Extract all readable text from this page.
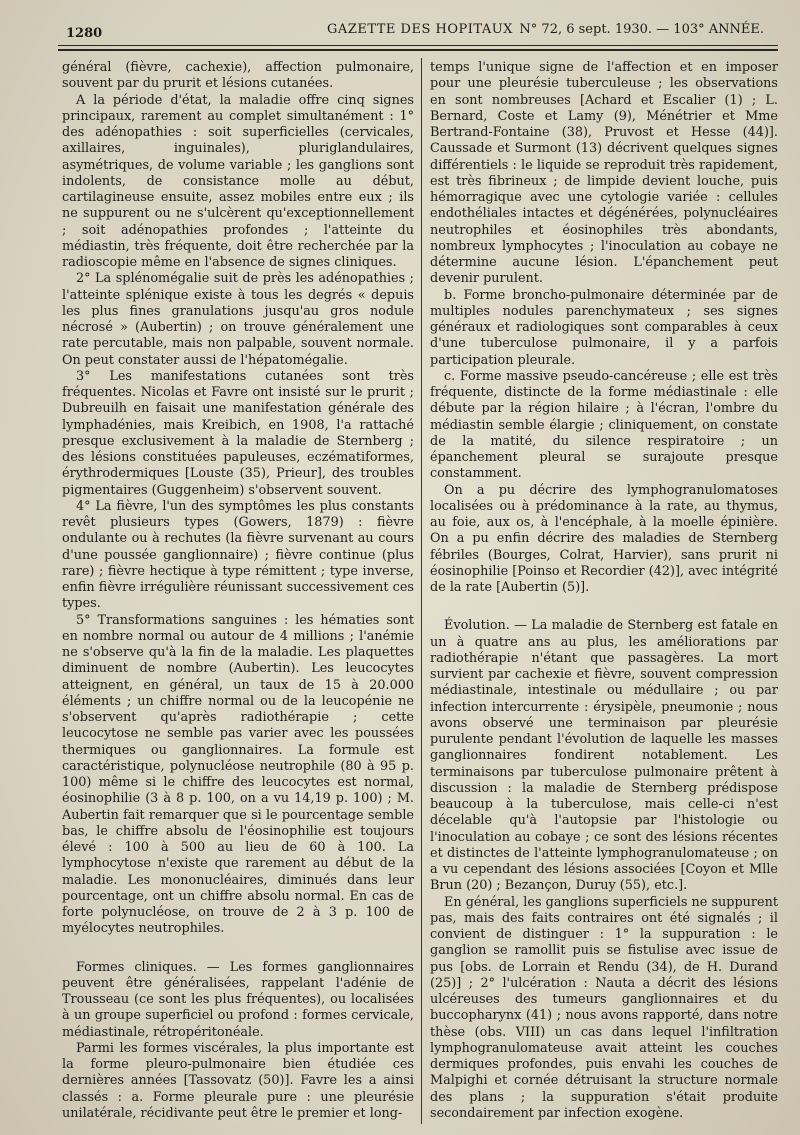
1280	GAZETTE DES HOPITAUX N° 72, 6 sept. 1930. — 103° ANNÉE.

général (fièvre, cachexie), affection pulmonaire, souvent par du prurit et lésions cutanées.

A la période d'état, la maladie offre cinq signes principaux, rarement au complet simultanément : 1° des adénopathies : soit superficielles (cervicales, axillaires, inguinales), pluriglandulaires, asymétriques, de volume variable ; les ganglions sont indolents, de consistance molle au début, cartilagineuse ensuite, assez mobiles entre eux ; ils ne suppurent ou ne s'ulcèrent qu'exceptionnellement ; soit adénopathies profondes ; l'atteinte du médiastin, très fréquente, doit être recherchée par la radioscopie même en l'absence de signes cliniques.

2° La splénomégalie suit de près les adénopathies ; l'atteinte splénique existe à tous les degrés « depuis les plus fines granulations jusqu'au gros nodule nécrosé » (Aubertin) ; on trouve généralement une rate percutable, mais non palpable, souvent normale. On peut constater aussi de l'hépatomégalie.

3° Les manifestations cutanées sont très fréquentes. Nicolas et Favre ont insisté sur le prurit ; Dubreuilh en faisait une manifestation générale des lymphadénies, mais Kreibich, en 1908, l'a rattaché presque exclusivement à la maladie de Sternberg ; des lésions constituées papuleuses, eczématiformes, érythrodermiques [Louste (35), Prieur], des troubles pigmentaires (Guggenheim) s'observent souvent.

4° La fièvre, l'un des symptômes les plus constants revêt plusieurs types (Gowers, 1879) : fièvre ondulante ou à rechutes (la fièvre survenant au cours d'une poussée ganglionnaire) ; fièvre continue (plus rare) ; fièvre hectique à type rémittent ; type inverse, enfin fièvre irrégulière réunissant successivement ces types.

5° Transformations sanguines : les hématies sont en nombre normal ou autour de 4 millions ; l'anémie ne s'observe qu'à la fin de la maladie. Les plaquettes diminuent de nombre (Aubertin). Les leucocytes atteignent, en général, un taux de 15 à 20.000 éléments ; un chiffre normal ou de la leucopénie ne s'observent qu'après radiothérapie ; cette leucocytose ne semble pas varier avec les poussées thermiques ou ganglionnaires. La formule est caractéristique, polynucléose neutrophile (80 à 95 p. 100) même si le chiffre des leucocytes est normal, éosinophilie (3 à 8 p. 100, on a vu 14,19 p. 100) ; M. Aubertin fait remarquer que si le pourcentage semble bas, le chiffre absolu de l'éosinophilie est toujours élevé : 100 à 500 au lieu de 60 à 100. La lymphocytose n'existe que rarement au début de la maladie. Les mononucléaires, diminués dans leur pourcentage, ont un chiffre absolu normal. En cas de forte polynucléose, on trouve de 2 à 3 p. 100 de myélocytes neutrophiles.

Formes cliniques. — Les formes ganglionnaires peuvent être généralisées, rappelant l'adénie de Trousseau (ce sont les plus fréquentes), ou localisées à un groupe superficiel ou profond : formes cervicale, médiastinale, rétropéritonéale.

Parmi les formes viscérales, la plus importante est la forme pleuro-pulmonaire bien étudiée ces dernières années [Tassovatz (50)]. Favre les a ainsi classés : a. Forme pleurale pure : une pleurésie unilatérale, récidivante peut être le premier et long-

temps l'unique signe de l'affection et en imposer pour une pleurésie tuberculeuse ; les observations en sont nombreuses [Achard et Escalier (1) ; L. Bernard, Coste et Lamy (9), Ménétrier et Mme Bertrand-Fontaine (38), Pruvost et Hesse (44)]. Caussade et Surmont (13) décrivent quelques signes différentiels : le liquide se reproduit très rapidement, est très fibrineux ; de limpide devient louche, puis hémorragique avec une cytologie variée : cellules endothéliales intactes et dégénérées, polynucléaires neutrophiles et éosinophiles très abondants, nombreux lymphocytes ; l'inoculation au cobaye ne détermine aucune lésion. L'épanchement peut devenir purulent.

b. Forme broncho-pulmonaire déterminée par de multiples nodules parenchymateux ; ses signes généraux et radiologiques sont comparables à ceux d'une tuberculose pulmonaire, il y a parfois participation pleurale.

c. Forme massive pseudo-cancéreuse ; elle est très fréquente, distincte de la forme médiastinale : elle débute par la région hilaire ; à l'écran, l'ombre du médiastin semble élargie ; cliniquement, on constate de la matité, du silence respiratoire ; un épanchement pleural se surajoute presque constamment.

On a pu décrire des lymphogranulomatoses localisées ou à prédominance à la rate, au thymus, au foie, aux os, à l'encéphale, à la moelle épinière. On a pu enfin décrire des maladies de Sternberg fébriles (Bourges, Colrat, Harvier), sans prurit ni éosinophilie [Poinso et Recordier (42)], avec intégrité de la rate [Aubertin (5)].

Évolution. — La maladie de Sternberg est fatale en un à quatre ans au plus, les améliorations par radiothérapie n'étant que passagères. La mort survient par cachexie et fièvre, souvent compression médiastinale, intestinale ou médullaire ; ou par infection intercurrente : érysipèle, pneumonie ; nous avons observé une terminaison par pleurésie purulente pendant l'évolution de laquelle les masses ganglionnaires fondirent notablement. Les terminaisons par tuberculose pulmonaire prêtent à discussion : la maladie de Sternberg prédispose beaucoup à la tuberculose, mais celle-ci n'est décelable qu'à l'autopsie par l'histologie ou l'inoculation au cobaye ; ce sont des lésions récentes et distinctes de l'atteinte lymphogranulomateuse ; on a vu cependant des lésions associées [Coyon et Mlle Brun (20) ; Bezançon, Duruy (55), etc.].

En général, les ganglions superficiels ne suppurent pas, mais des faits contraires ont été signalés ; il convient de distinguer : 1° la suppuration : le ganglion se ramollit puis se fistulise avec issue de pus [obs. de Lorrain et Rendu (34), de H. Durand (25)] ; 2° l'ulcération : Nauta a décrit des lésions ulcéreuses des tumeurs ganglionnaires et du buccopharynx (41) ; nous avons rapporté, dans notre thèse (obs. VIII) un cas dans lequel l'infiltration lymphogranulomateuse avait atteint les couches dermiques profondes, puis envahi les couches de Malpighi et cornée détruisant la structure normale des plans ; la suppuration s'était produite secondairement par infection exogène.
